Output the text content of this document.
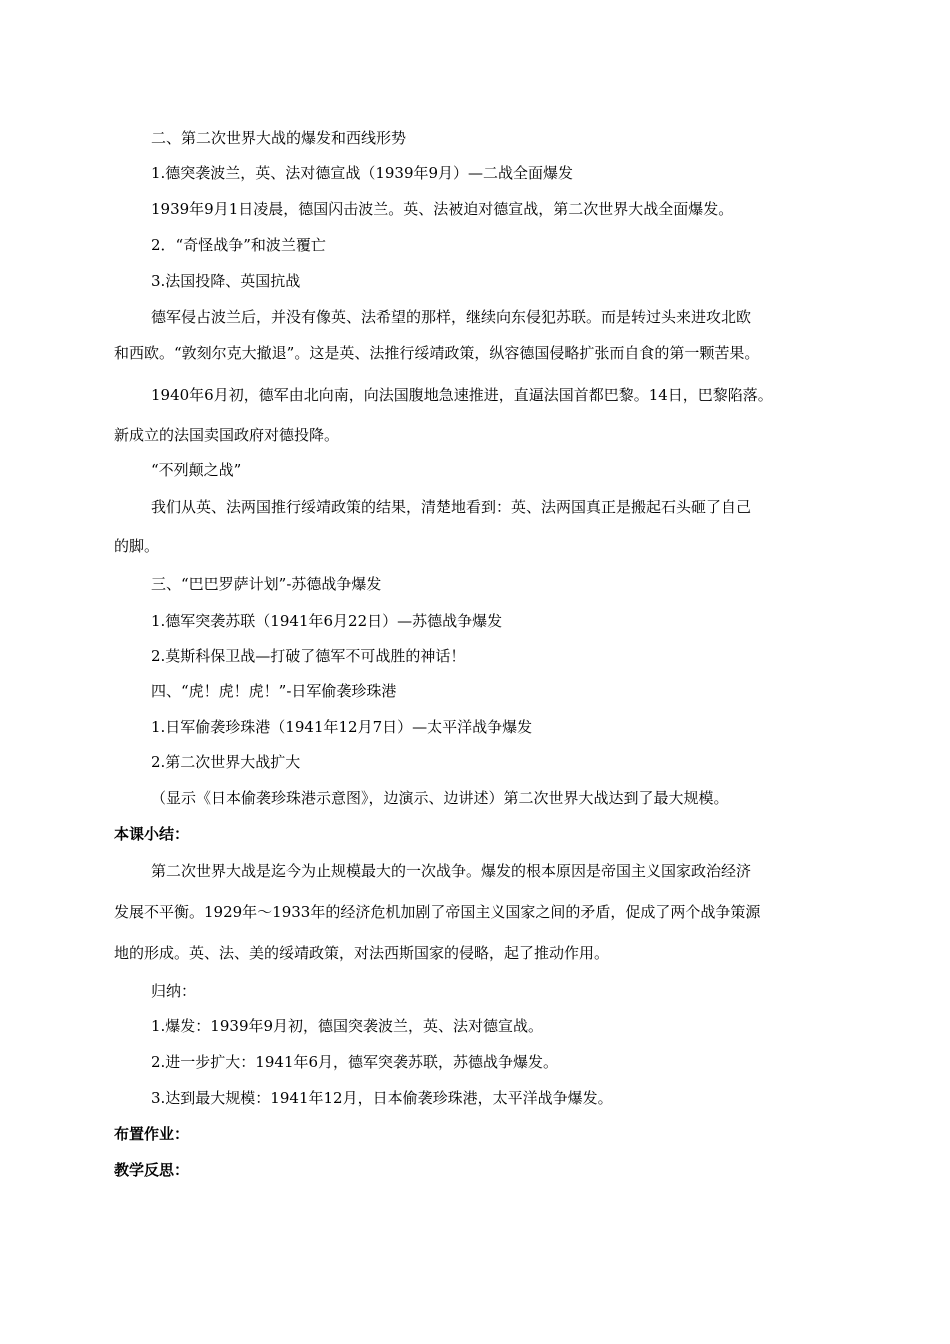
二、第二次世界大战的爆发和西线形势
1.德突袭波兰，英、法对德宣战（1939年9月）—二战全面爆发
1939年9月1日凌晨，德国闪击波兰。英、法被迫对德宣战，第二次世界大战全面爆发。
2．“奇怪战争”和波兰覆亡
3.法国投降、英国抗战
德军侵占波兰后，并没有像英、法希望的那样，继续向东侵犯苏联。而是转过头来进攻北欧
和西欧。“敦刻尔克大撤退”。这是英、法推行绥靖政策，纵容德国侵略扩张而自食的第一颗苦果。
1940年6月初，德军由北向南，向法国腹地急速推进，直逼法国首都巴黎。14日，巴黎陷落。
新成立的法国卖国政府对德投降。
“不列颠之战”
我们从英、法两国推行绥靖政策的结果，清楚地看到：英、法两国真正是搬起石头砸了自己
的脚。
三、“巴巴罗萨计划”-苏德战争爆发
1.德军突袭苏联（1941年6月22日）—苏德战争爆发
2.莫斯科保卫战—打破了德军不可战胜的神话！
四、“虎！虎！虎！”-日军偷袭珍珠港
1.日军偷袭珍珠港（1941年12月7日）—太平洋战争爆发
2.第二次世界大战扩大
（显示《日本偷袭珍珠港示意图》，边演示、边讲述）第二次世界大战达到了最大规模。
本课小结：
第二次世界大战是迄今为止规模最大的一次战争。爆发的根本原因是帝国主义国家政治经济
发展不平衡。1929年～1933年的经济危机加剧了帝国主义国家之间的矛盾，促成了两个战争策源
地的形成。英、法、美的绥靖政策，对法西斯国家的侵略，起了推动作用。
归纳：
1.爆发：1939年9月初，德国突袭波兰，英、法对德宣战。
2.进一步扩大：1941年6月，德军突袭苏联，苏德战争爆发。
3.达到最大规模：1941年12月，日本偷袭珍珠港，太平洋战争爆发。
布置作业：
教学反思：
